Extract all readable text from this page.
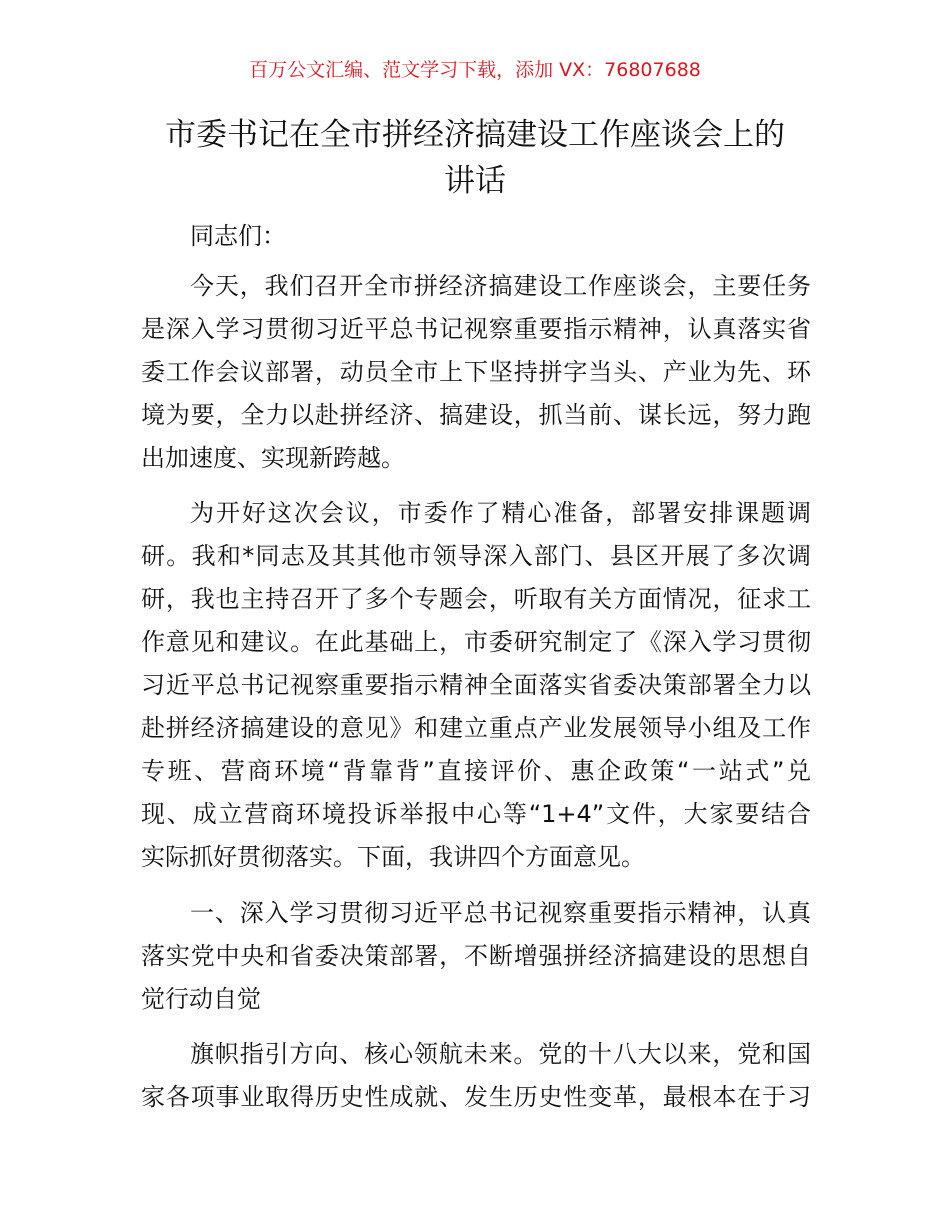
百万公文汇编、范文学习下载，添加 VX：76807688
市委书记在全市拼经济搞建设工作座谈会上的
讲话
同志们：
今天，我们召开全市拼经济搞建设工作座谈会，主要任务
是深入学习贯彻习近平总书记视察重要指示精神，认真落实省
委工作会议部署，动员全市上下坚持拼字当头、产业为先、环
境为要，全力以赴拼经济、搞建设，抓当前、谋长远，努力跑
出加速度、实现新跨越。
为开好这次会议，市委作了精心准备，部署安排课题调
研。我和*同志及其其他市领导深入部门、县区开展了多次调
研，我也主持召开了多个专题会，听取有关方面情况，征求工
作意见和建议。在此基础上，市委研究制定了《深入学习贯彻
习近平总书记视察重要指示精神全面落实省委决策部署全力以
赴拼经济搞建设的意见》和建立重点产业发展领导小组及工作
专班、营商环境“背靠背”直接评价、惠企政策“一站式”兑
现、成立营商环境投诉举报中心等“1+4”文件，大家要结合
实际抓好贯彻落实。下面，我讲四个方面意见。
一、深入学习贯彻习近平总书记视察重要指示精神，认真
落实党中央和省委决策部署，不断增强拼经济搞建设的思想自
觉行动自觉
旗帜指引方向、核心领航未来。党的十八大以来，党和国
家各项事业取得历史性成就、发生历史性变革，最根本在于习
